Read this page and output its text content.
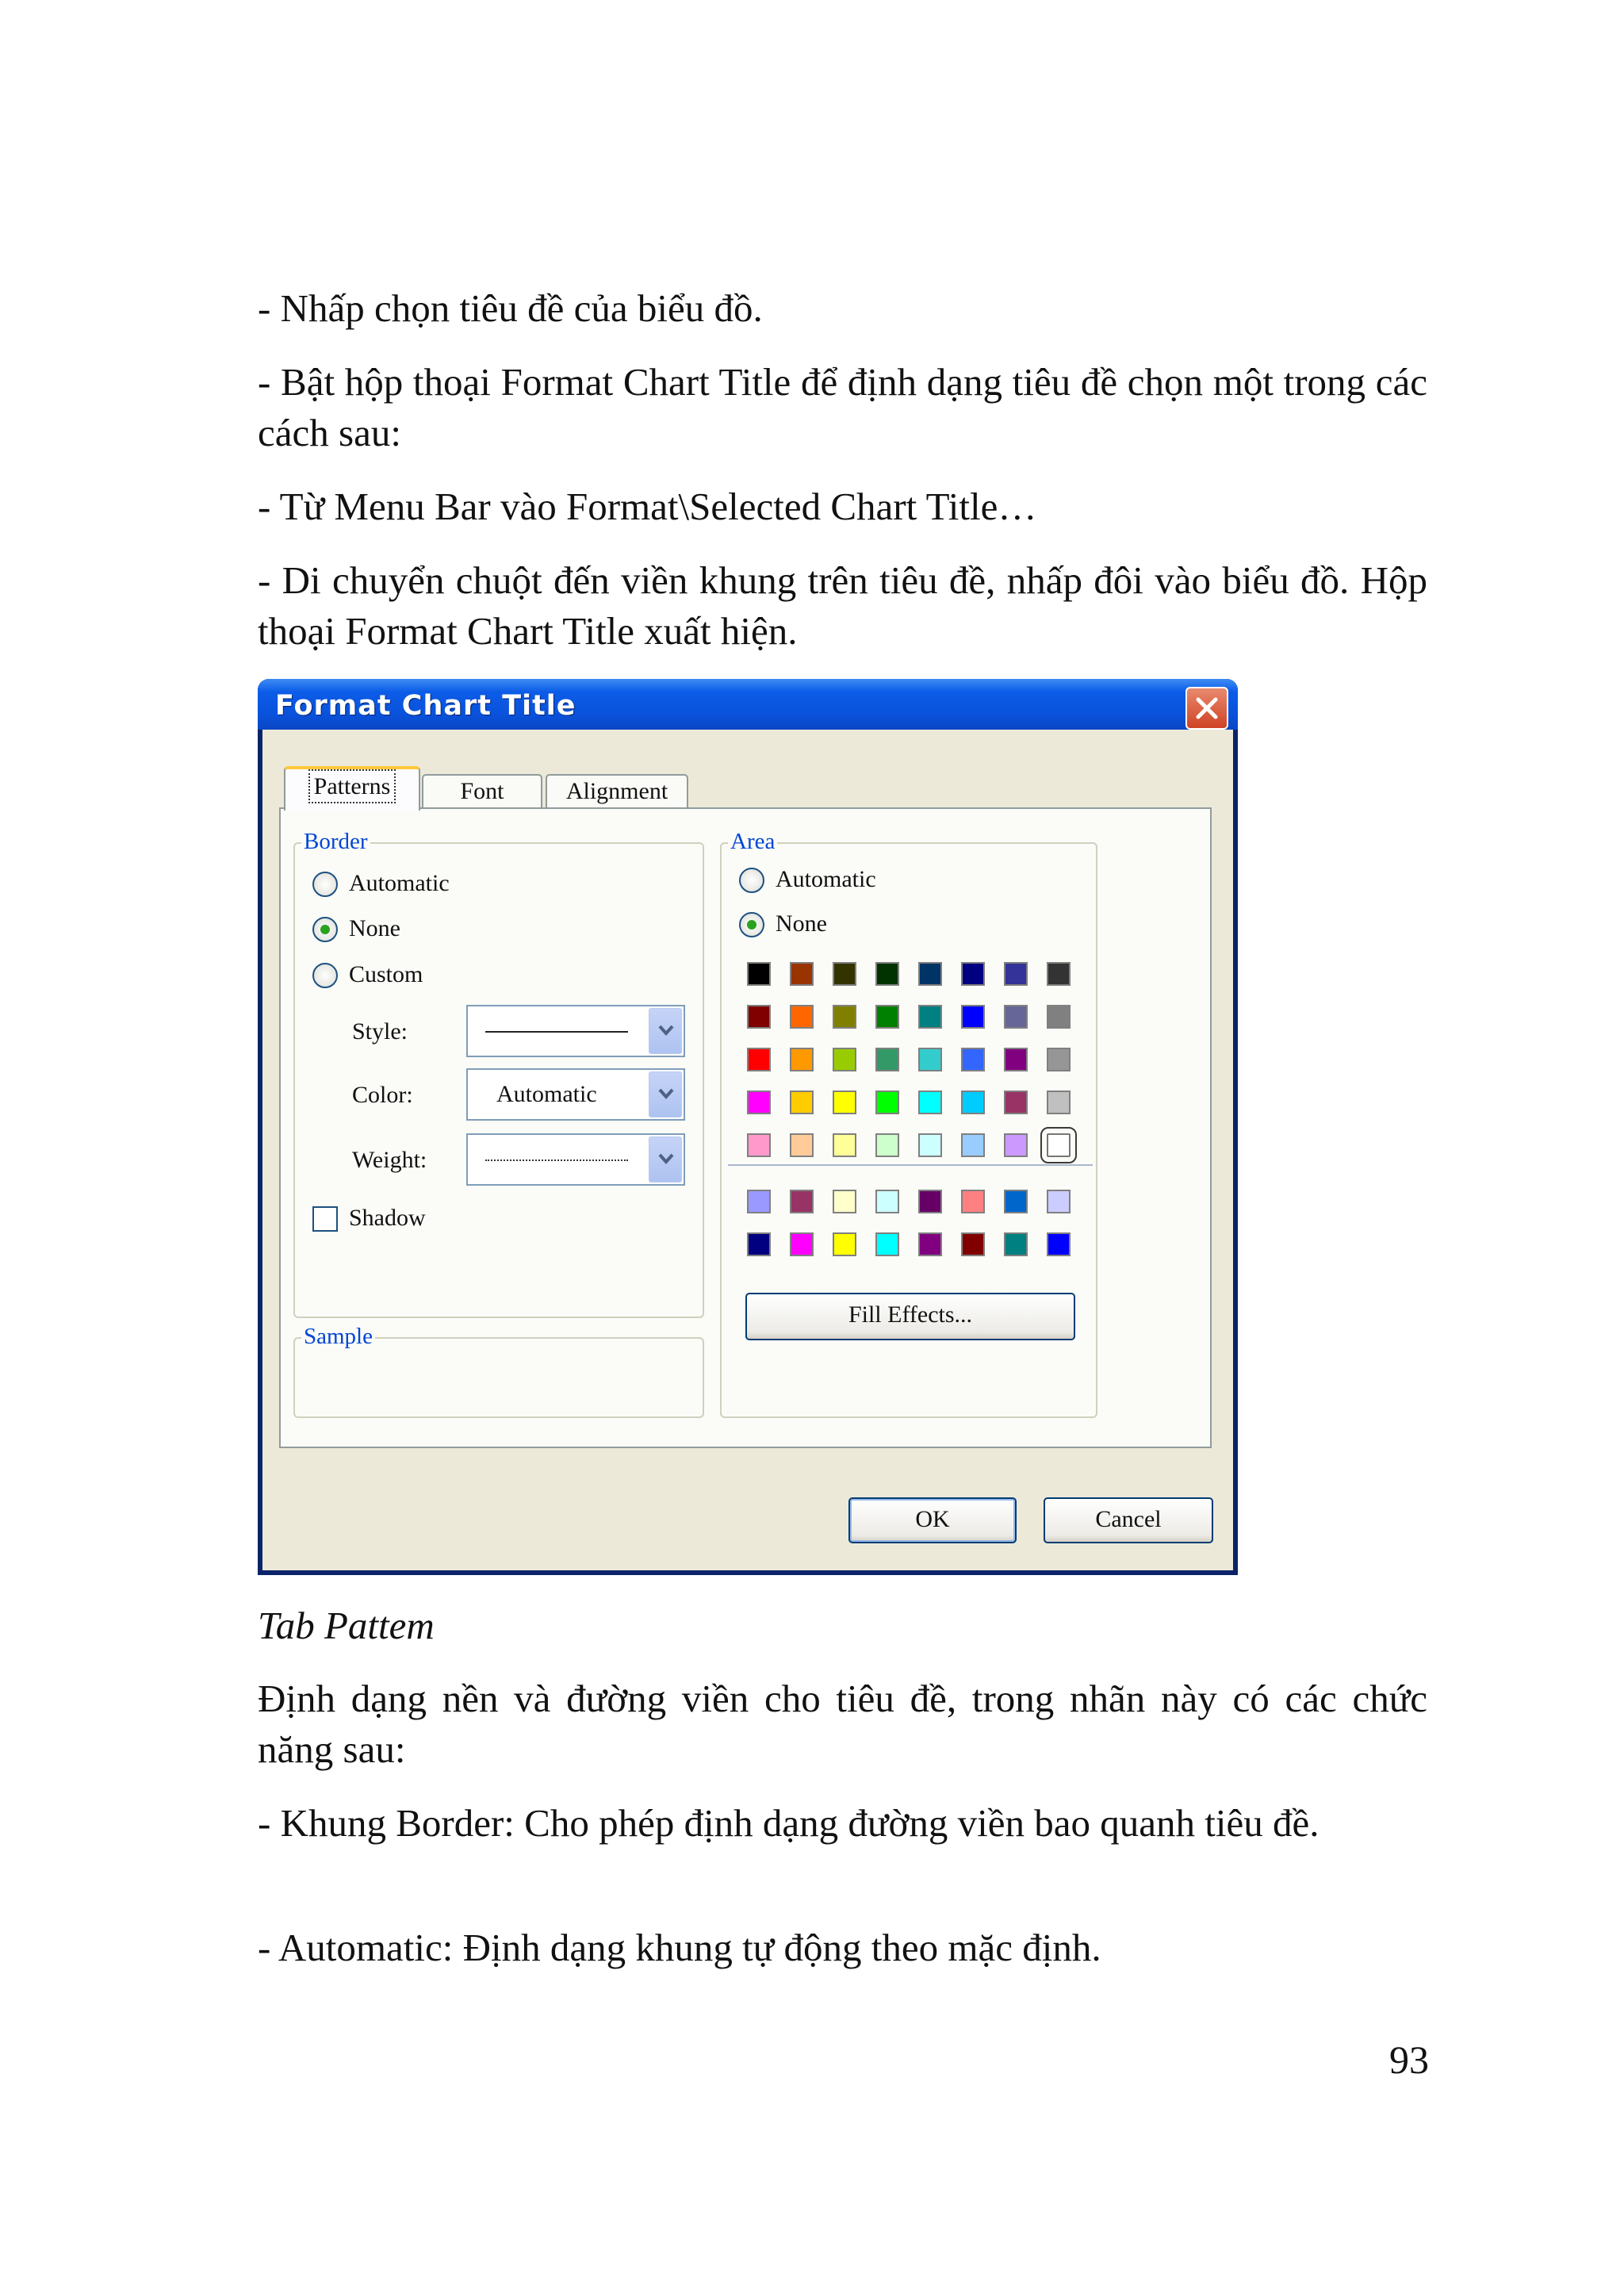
- Nhấp chọn tiêu đề của biểu đồ.

- Bật hộp thoại Format Chart Title để định dạng tiêu đề chọn một trong các cách sau:

- Từ Menu Bar vào Format\Selected Chart Title…

- Di chuyển chuột đến viền khung trên tiêu đề, nhấp đôi vào biểu đồ. Hộp thoại Format Chart Title xuất hiện.

Format Chart Title
Patterns	Font	Alignment
Border
Automatic
None
Custom
Style:
Color:	Automatic
Weight:
Shadow
Sample
Area
Automatic
None
Fill Effects...
OK	Cancel

Tab Pattem

Định dạng nền và đường viền cho tiêu đề, trong nhãn này có các chức năng sau:

- Khung Border: Cho phép định dạng đường viền bao quanh tiêu đề.

- Automatic: Định dạng khung tự động theo mặc định.

93
